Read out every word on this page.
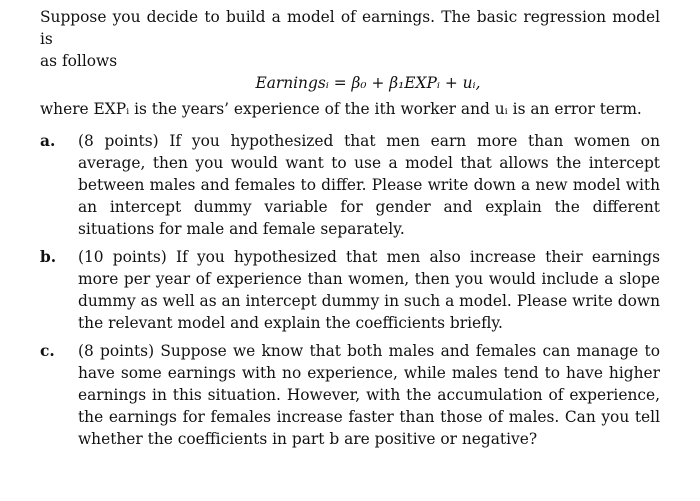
Suppose you decide to build a model of earnings. The basic regression model is
as follows

Earningsᵢ = β₀ + β₁EXPᵢ + uᵢ,

where EXPᵢ is the years’ experience of the ith worker and uᵢ is an error term.

a. (8 points) If you hypothesized that men earn more than women on average, then you would want to use a model that allows the intercept between males and females to differ. Please write down a new model with an intercept dummy variable for gender and explain the different situations for male and female separately.
b. (10 points) If you hypothesized that men also increase their earnings more per year of experience than women, then you would include a slope dummy as well as an intercept dummy in such a model. Please write down the relevant model and explain the coefficients briefly.
c. (8 points) Suppose we know that both males and females can manage to have some earnings with no experience, while males tend to have higher earnings in this situation. However, with the accumulation of experience, the earnings for females increase faster than those of males. Can you tell whether the coefficients in part b are positive or negative?
